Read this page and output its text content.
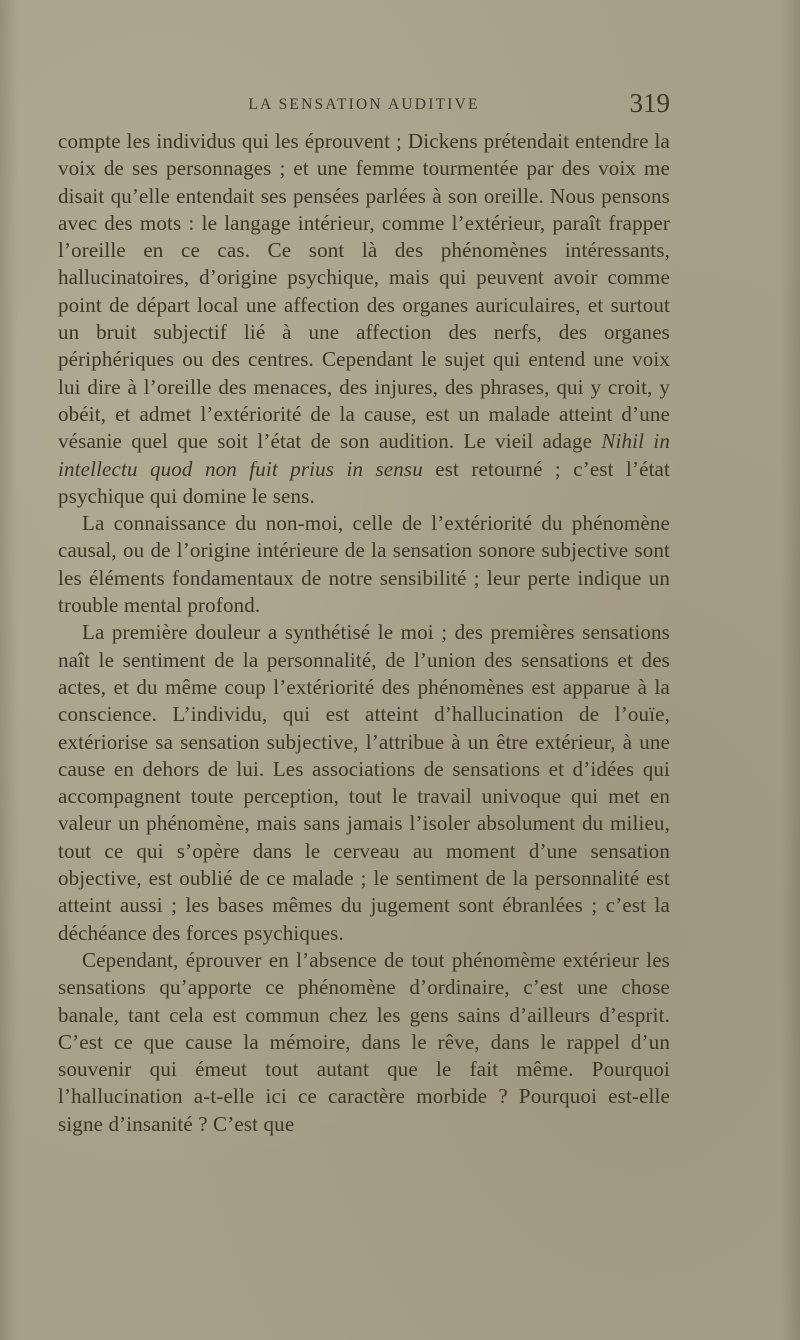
LA SENSATION AUDITIVE	319

compte les individus qui les éprouvent ; Dickens prétendait entendre la voix de ses personnages ; et une femme tourmentée par des voix me disait qu’elle entendait ses pensées parlées à son oreille. Nous pensons avec des mots : le langage intérieur, comme l’extérieur, paraît frapper l’oreille en ce cas. Ce sont là des phénomènes intéressants, hallucinatoires, d’origine psychique, mais qui peuvent avoir comme point de départ local une affection des organes auriculaires, et surtout un bruit subjectif lié à une affection des nerfs, des organes périphériques ou des centres. Cependant le sujet qui entend une voix lui dire à l’oreille des menaces, des injures, des phrases, qui y croit, y obéit, et admet l’extériorité de la cause, est un malade atteint d’une vésanie quel que soit l’état de son audition. Le vieil adage Nihil in intellectu quod non fuit prius in sensu est retourné ; c’est l’état psychique qui domine le sens.

La connaissance du non-moi, celle de l’extériorité du phénomène causal, ou de l’origine intérieure de la sensation sonore subjective sont les éléments fondamentaux de notre sensibilité ; leur perte indique un trouble mental profond.

La première douleur a synthétisé le moi ; des premières sensations naît le sentiment de la personnalité, de l’union des sensations et des actes, et du même coup l’extériorité des phénomènes est apparue à la conscience. L’individu, qui est atteint d’hallucination de l’ouïe, extériorise sa sensation subjective, l’attribue à un être extérieur, à une cause en dehors de lui. Les associations de sensations et d’idées qui accompagnent toute perception, tout le travail univoque qui met en valeur un phénomène, mais sans jamais l’isoler absolument du milieu, tout ce qui s’opère dans le cerveau au moment d’une sensation objective, est oublié de ce malade ; le sentiment de la personnalité est atteint aussi ; les bases mêmes du jugement sont ébranlées ; c’est la déchéance des forces psychiques.

Cependant, éprouver en l’absence de tout phénomème extérieur les sensations qu’apporte ce phénomène d’ordinaire, c’est une chose banale, tant cela est commun chez les gens sains d’ailleurs d’esprit. C’est ce que cause la mémoire, dans le rêve, dans le rappel d’un souvenir qui émeut tout autant que le fait même. Pourquoi l’hallucination a-t-elle ici ce caractère morbide ? Pourquoi est-elle signe d’insanité ? C’est que
